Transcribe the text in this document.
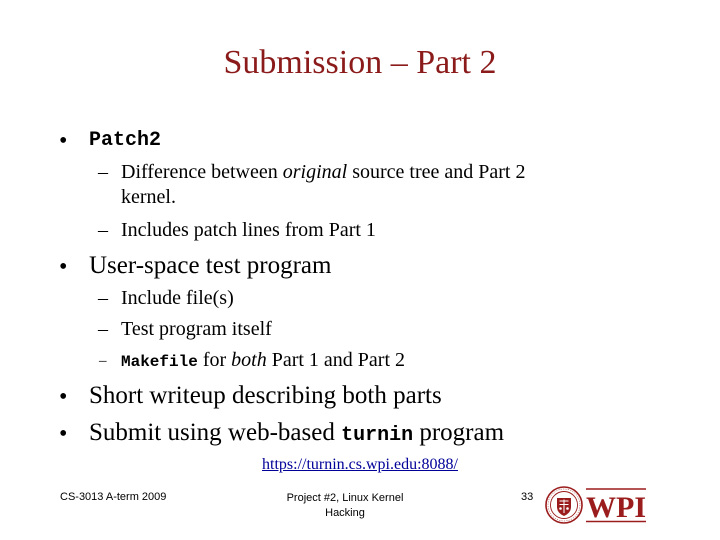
Submission – Part 2
• Patch2
– Difference between original source tree and Part 2
kernel.
– Includes patch lines from Part 1
• User-space test program
– Include file(s)
– Test program itself
– Makefile for both Part 1 and Part 2
• Short writeup describing both parts
• Submit using web-based turnin program
https://turnin.cs.wpi.edu:8088/
CS-3013 A-term 2009	Project #2, Linux Kernel
Hacking
33 WPI
